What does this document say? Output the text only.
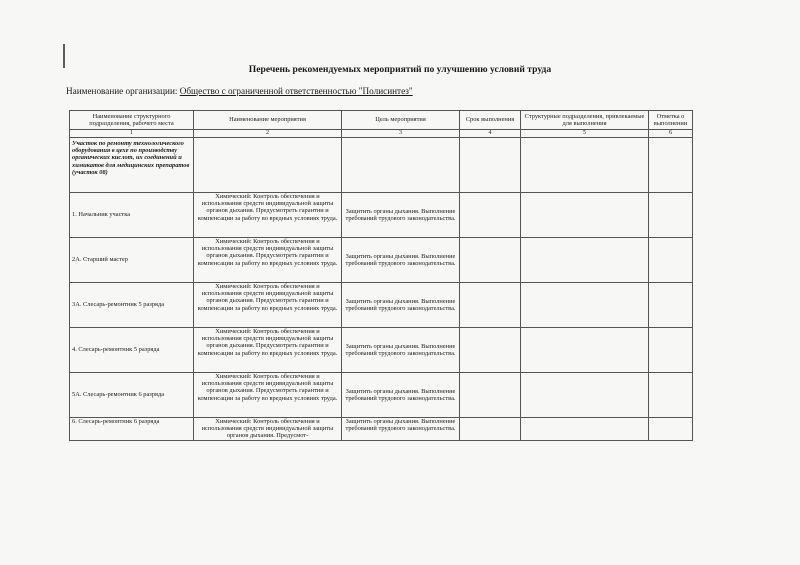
Перечень рекомендуемых мероприятий по улучшению условий труда
Наименование организации: Общество с ограниченной ответственностью "Полисинтез"
Наименование структурного подразделения, рабочего места	Наименование мероприятия	Цель мероприятия	Срок выполнения	Структурные подразделения, привлекаемые для выполнения	Отметка о выполнении
1	2	3	4	5	6
Участок по ремонту технологического оборудования в цехе по производству органических кислот, их соединений и химикатов для медицинских препаратов (участок 08)					
1. Начальник участка	Химический: Контроль обеспечения и использования средств индивидуальной защиты органов дыхания. Предусмотреть гарантии и компенсации за работу во вредных условиях труда.	Защитить органы дыхания. Выполнение требований трудового законодательства.			
2А. Старший мастер	Химический: Контроль обеспечения и использования средств индивидуальной защиты органов дыхания. Предусмотреть гарантии и компенсации за работу во вредных условиях труда.	Защитить органы дыхания. Выполнение требований трудового законодательства.			
3А. Слесарь-ремонтник 5 разряда	Химический: Контроль обеспечения и использования средств индивидуальной защиты органов дыхания. Предусмотреть гарантии и компенсации за работу во вредных условиях труда.	Защитить органы дыхания. Выполнение требований трудового законодательства.			
4. Слесарь-ремонтник 5 разряда	Химический: Контроль обеспечения и использования средств индивидуальной защиты органов дыхания. Предусмотреть гарантии и компенсации за работу во вредных условиях труда.	Защитить органы дыхания. Выполнение требований трудового законодательства.			
5А. Слесарь-ремонтник 6 разряда	Химический: Контроль обеспечения и использования средств индивидуальной защиты органов дыхания. Предусмотреть гарантии и компенсации за работу во вредных условиях труда.	Защитить органы дыхания. Выполнение требований трудового законодательства.			
6. Слесарь-ремонтник 6 разряда	Химический: Контроль обеспечения и использования средств индивидуальной защиты органов дыхания. Предусмот-	Защитить органы дыхания. Выполнение требований трудового законодательства.			
